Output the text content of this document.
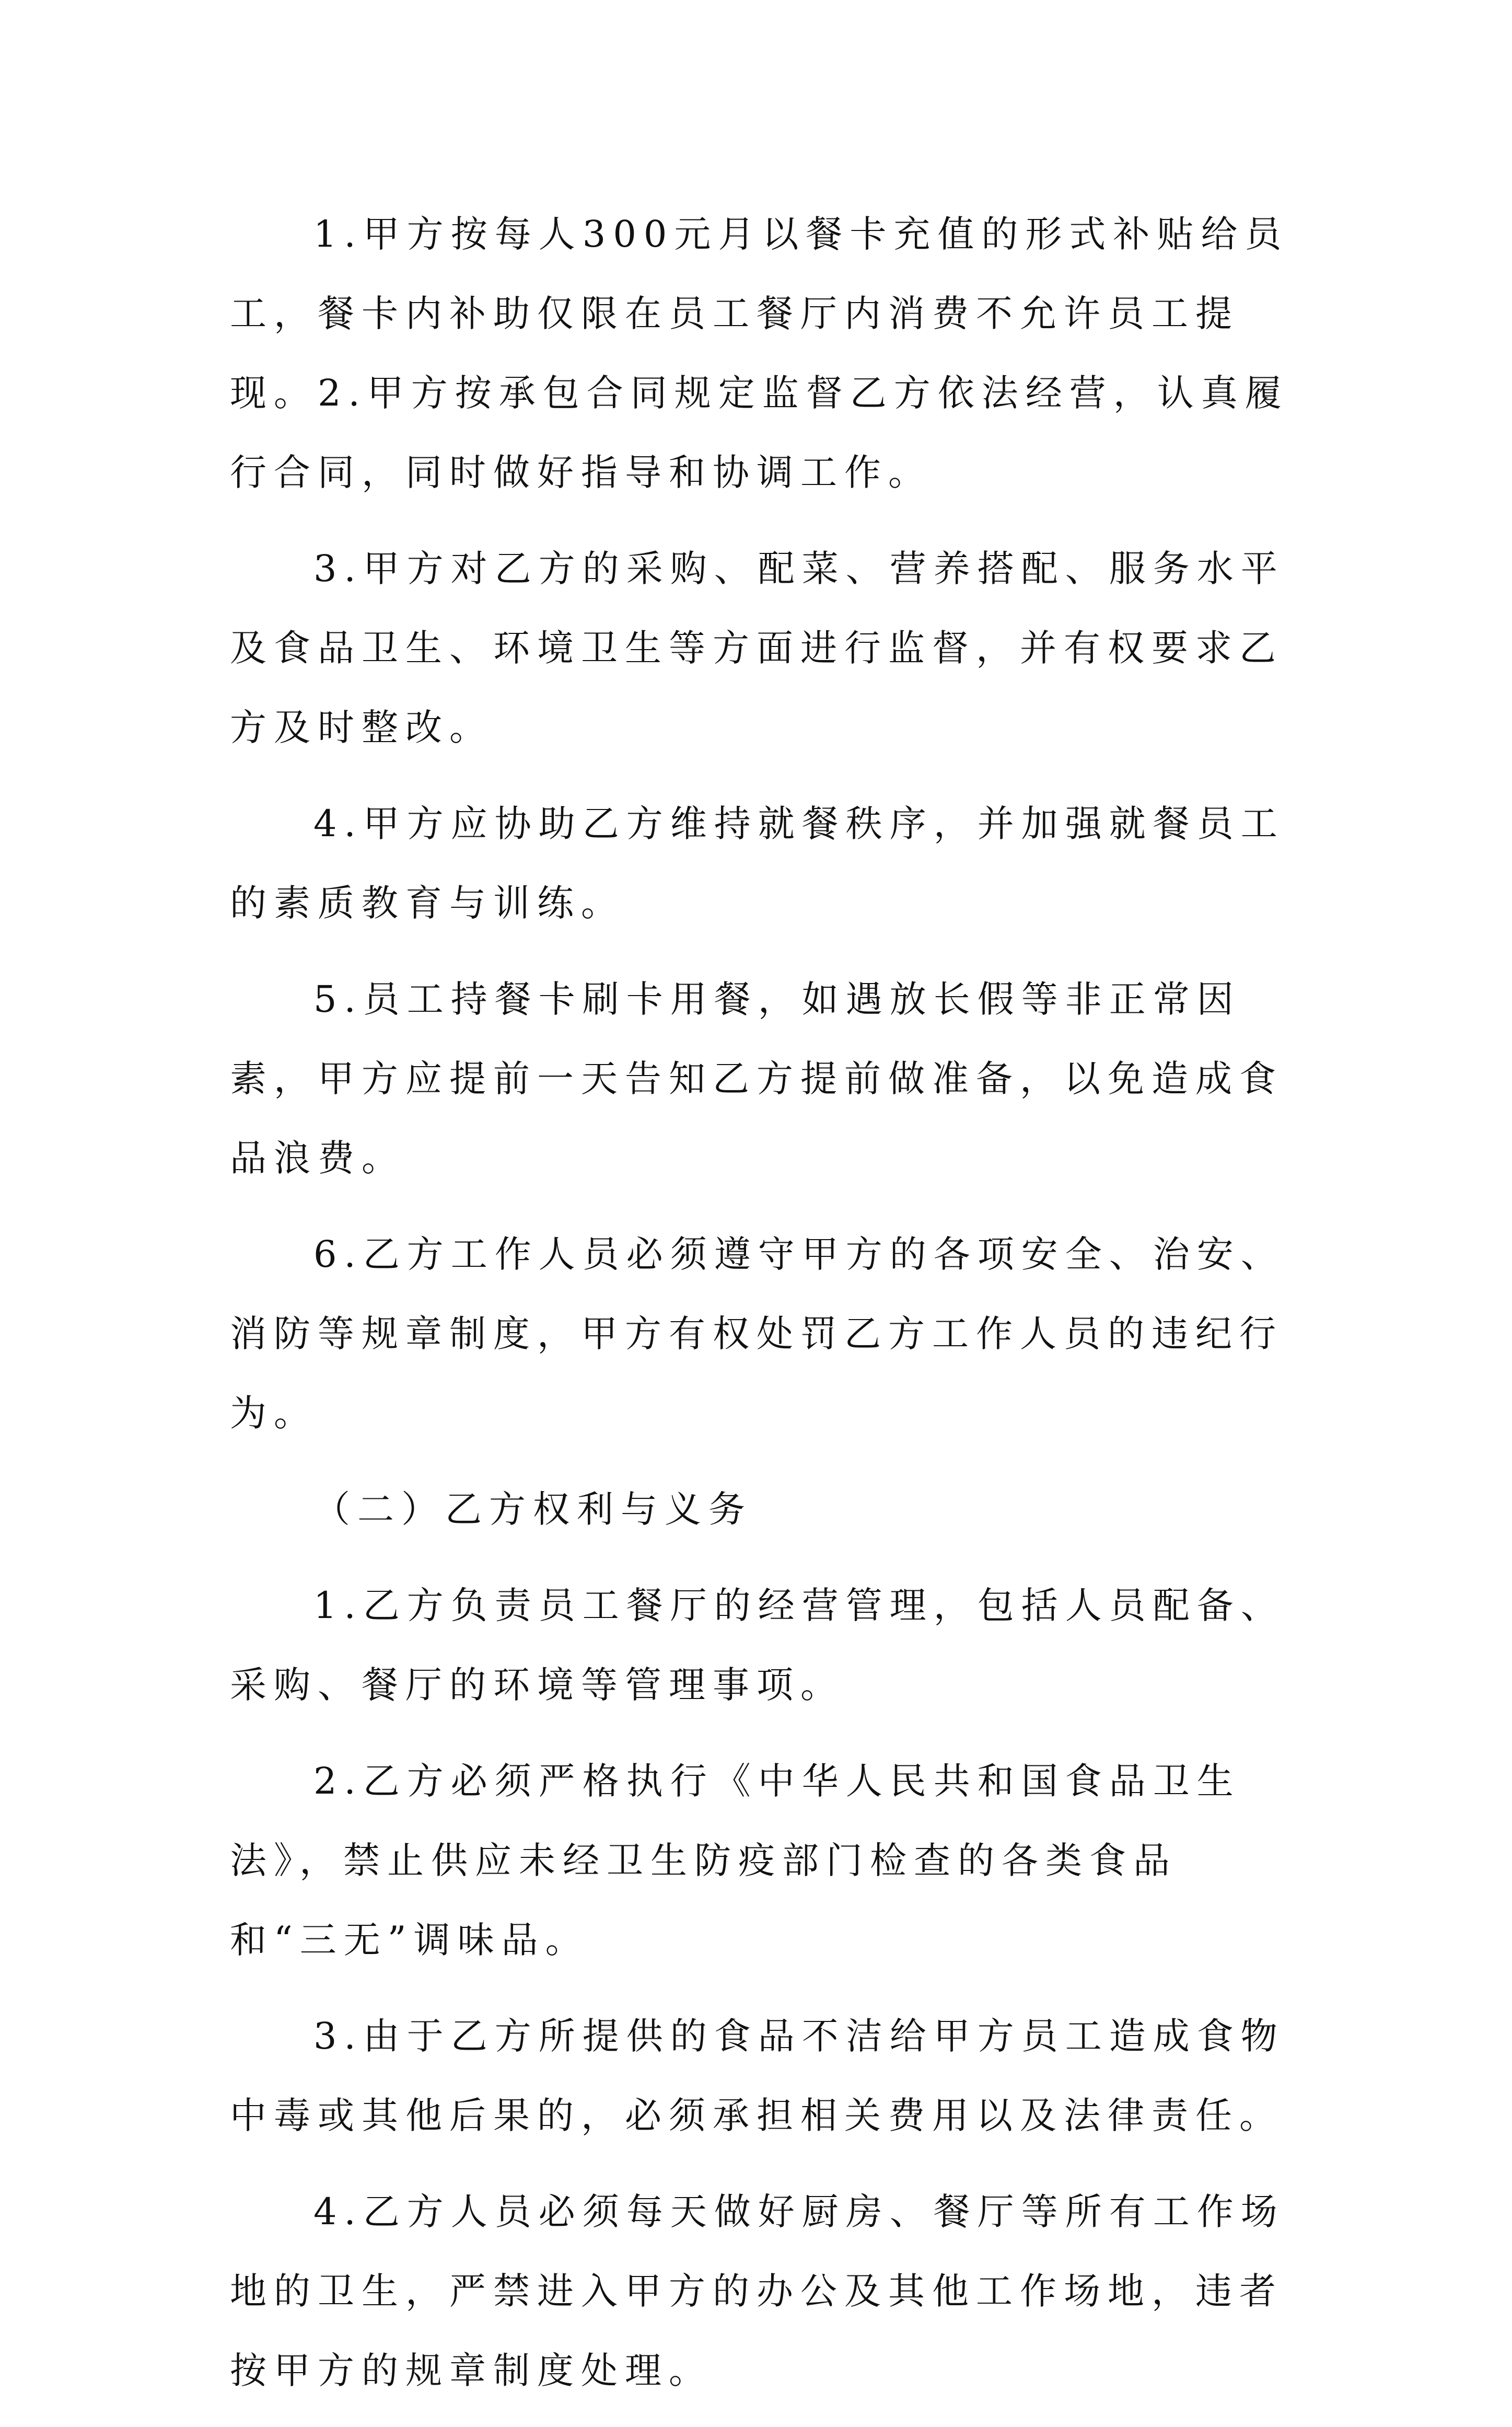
1.甲方按每人300元月以餐卡充值的形式补贴给员工，餐卡内补助仅限在员工餐厅内消费不允许员工提现。2.甲方按承包合同规定监督乙方依法经营，认真履行合同，同时做好指导和协调工作。

3.甲方对乙方的采购、配菜、营养搭配、服务水平及食品卫生、环境卫生等方面进行监督，并有权要求乙方及时整改。

4.甲方应协助乙方维持就餐秩序，并加强就餐员工的素质教育与训练。

5.员工持餐卡刷卡用餐，如遇放长假等非正常因素，甲方应提前一天告知乙方提前做准备，以免造成食品浪费。

6.乙方工作人员必须遵守甲方的各项安全、治安、消防等规章制度，甲方有权处罚乙方工作人员的违纪行为。

（二）乙方权利与义务

1.乙方负责员工餐厅的经营管理，包括人员配备、采购、餐厅的环境等管理事项。

2.乙方必须严格执行《中华人民共和国食品卫生法》，禁止供应未经卫生防疫部门检查的各类食品和“三无”调味品。

3.由于乙方所提供的食品不洁给甲方员工造成食物中毒或其他后果的，必须承担相关费用以及法律责任。

4.乙方人员必须每天做好厨房、餐厅等所有工作场地的卫生，严禁进入甲方的办公及其他工作场地，违者按甲方的规章制度处理。
